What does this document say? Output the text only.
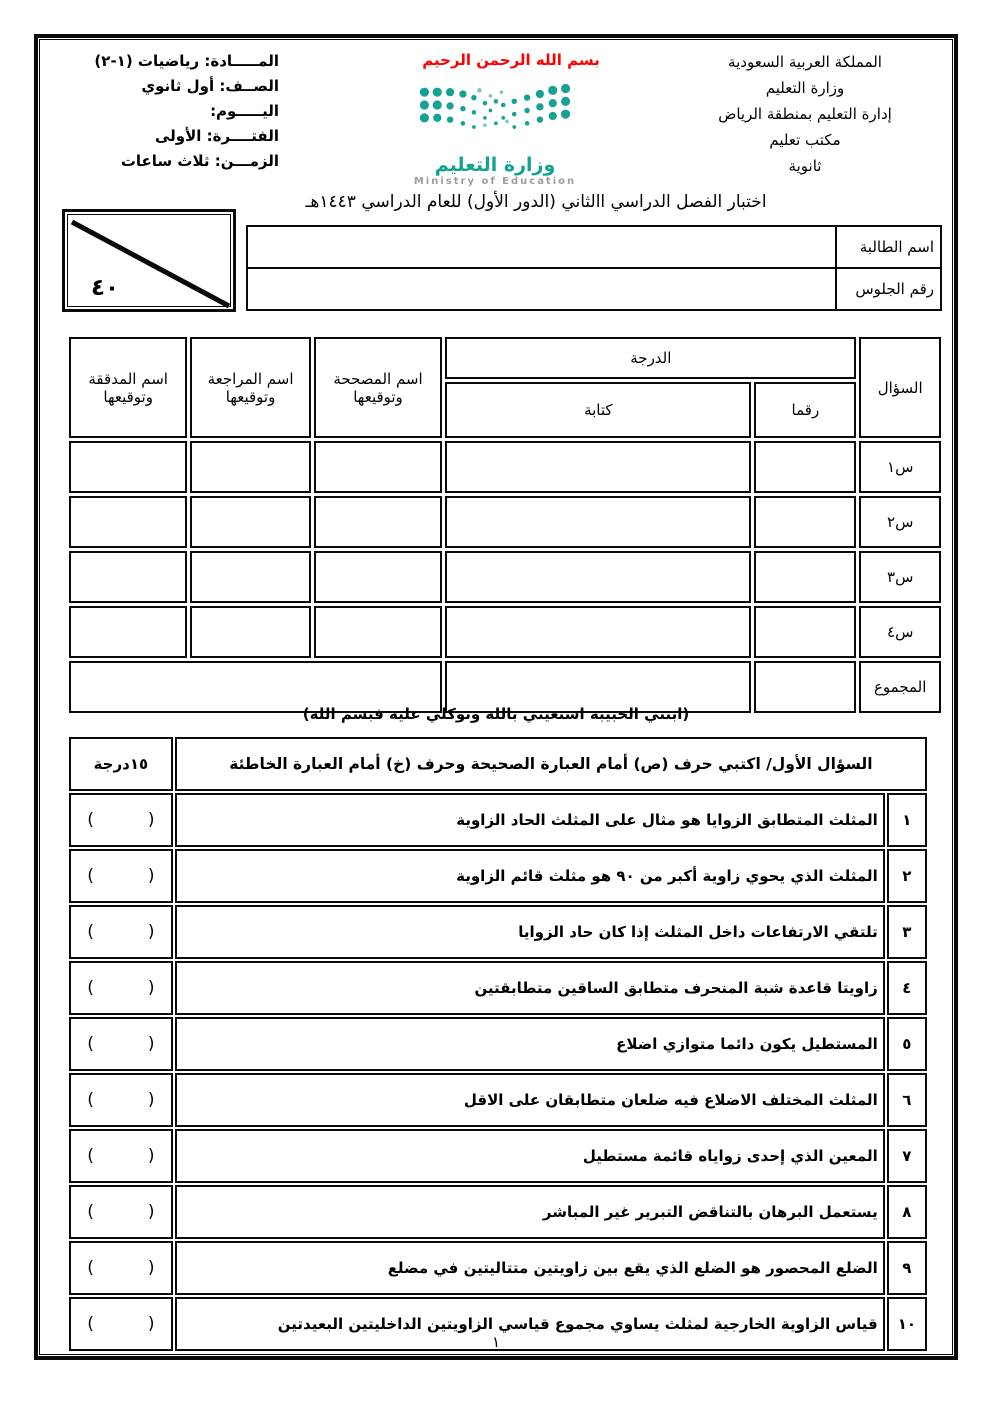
المملكة العربية السعودية
وزارة التعليم
إدارة التعليم بمنطقة الرياض
مكتب تعليم
ثانوية
بسم الله الرحمن الرحيم
وزارة التعليم
Ministry of Education
المـــــادة: رياضيات (١-٢)
الصــف: أول ثانوي
اليـــــوم:
الفتــــرة: الأولى
الزمـــن: ثلاث ساعات
اختبار الفصل الدراسي االثاني (الدور الأول) للعام الدراسي ١٤٤٣هـ
٤٠
اسم الطالبة	
رقم الجلوس	
السؤال	الدرجة		اسم المصححة وتوقيعها	اسم المراجعة وتوقيعها	اسم المدققة وتوقيعها
	رقما	كتابة			
س١					
س٢					
س٣					
س٤					
المجموع					
(ابنتي الحبيبة استعيني بالله وتوكلي عليه فبسم الله)
السؤال الأول/ اكتبي حرف (ص) أمام العبارة الصحيحة وحرف (خ) أمام العبارة الخاطئة		١٥درجة
١	المثلث المتطابق الزوايا هو مثال على المثلث الحاد الزاوية	(          )
٢	المثلث الذي يحوي زاوية أكبر من ٩٠ هو مثلث قائم الزاوية	(          )
٣	تلتقي الارتفاعات داخل المثلث إذا كان حاد الزوايا	(          )
٤	زاويتا قاعدة شبة المنحرف متطابق الساقين متطابقتين	(          )
٥	المستطيل يكون دائما متوازي اضلاع	(          )
٦	المثلث المختلف الاضلاع فيه ضلعان متطابقان على الاقل	(          )
٧	المعين الذي إحدى زواياه قائمة مستطيل	(          )
٨	يستعمل البرهان بالتناقض التبرير غير المباشر	(          )
٩	الضلع المحصور هو الضلع الذي يقع بين زاويتين متتاليتين في مضلع	(          )
١٠	قياس الزاوية الخارجية لمثلث يساوي مجموع قياسي الزاويتين الداخليتين البعيدتين	(          )
١
